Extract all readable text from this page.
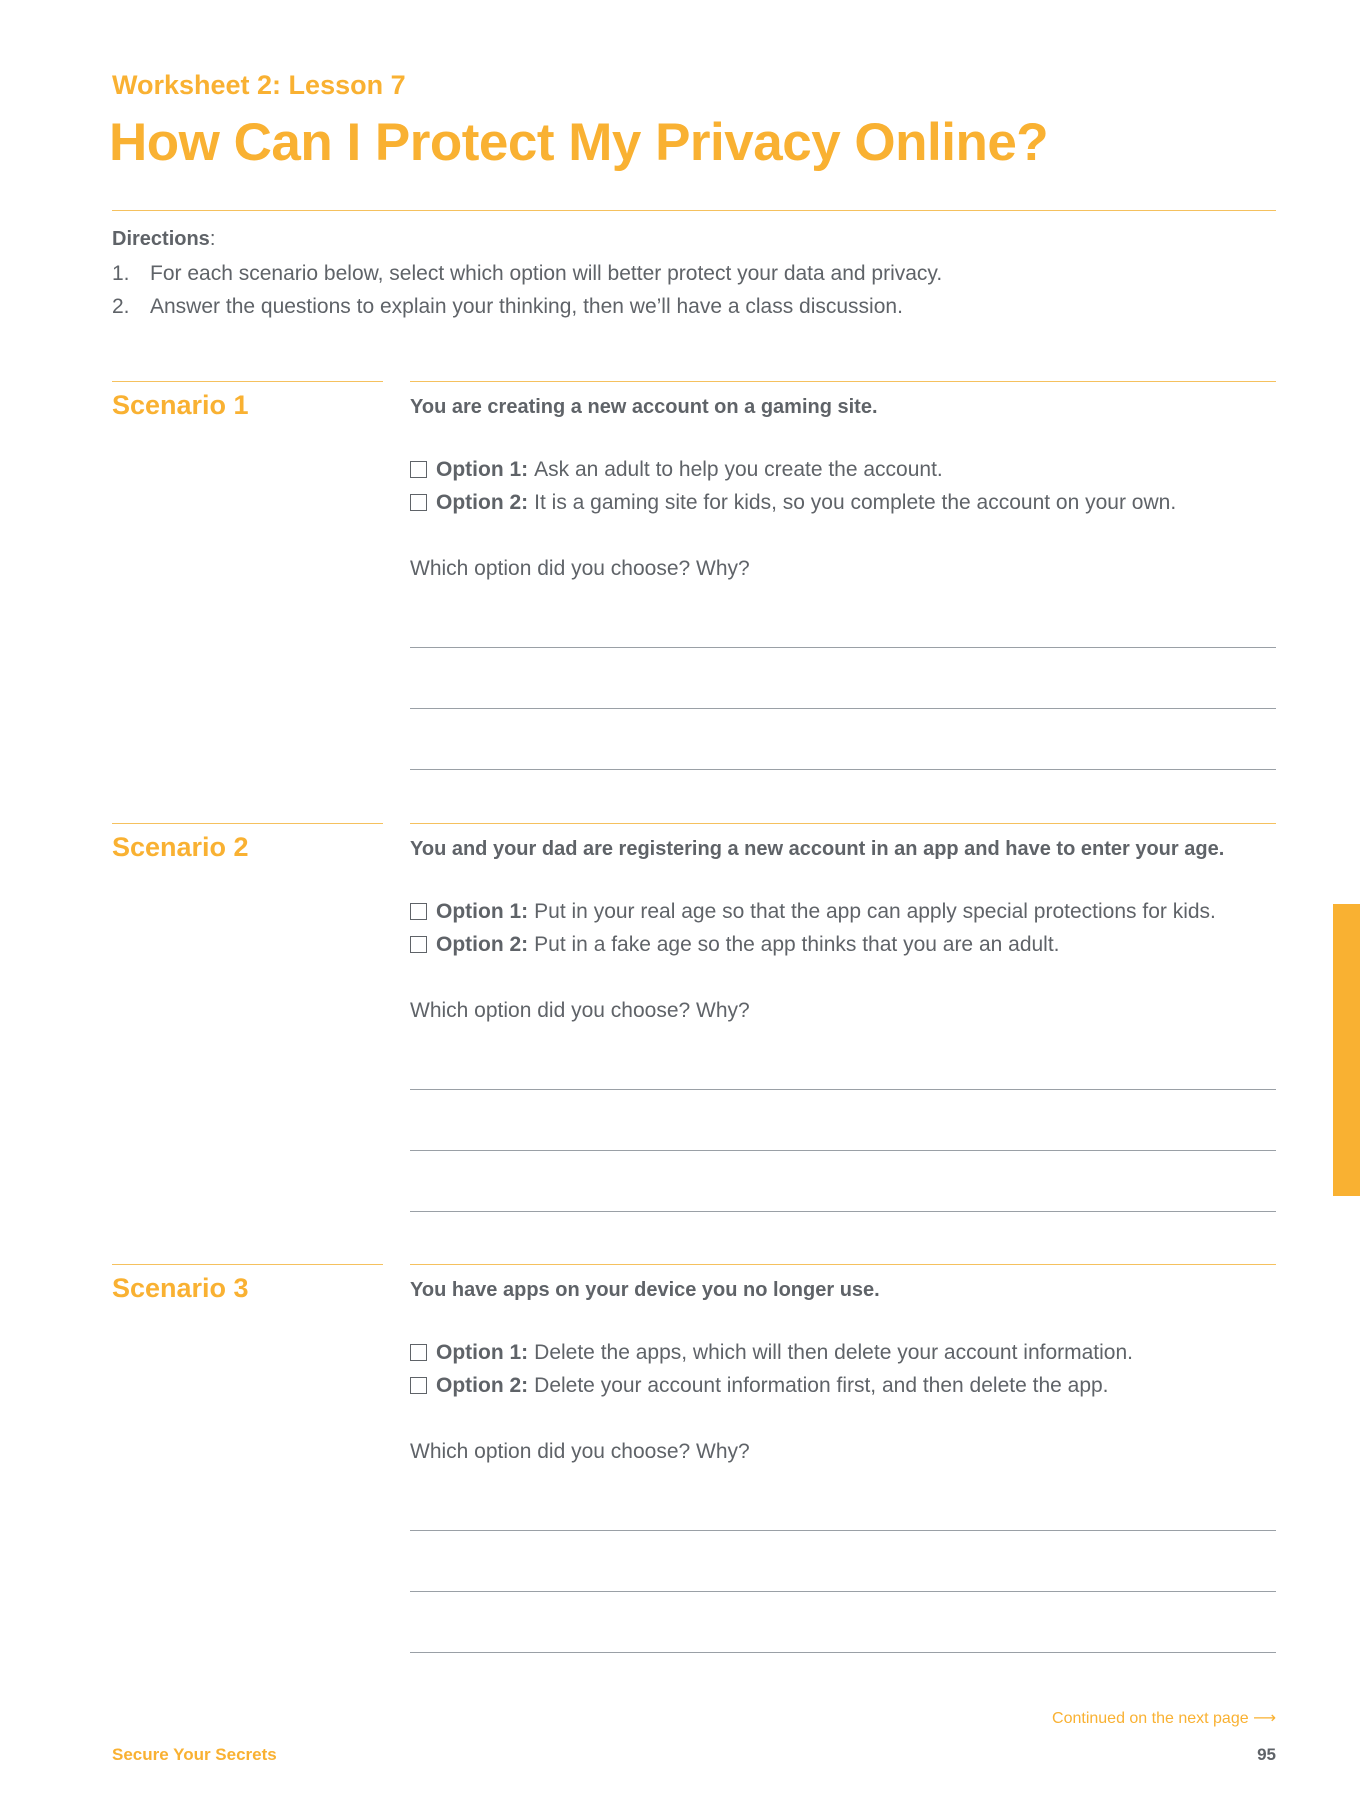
Worksheet 2: Lesson 7
How Can I Protect My Privacy Online?
Directions:
1. For each scenario below, select which option will better protect your data and privacy.
2. Answer the questions to explain your thinking, then we’ll have a class discussion.
Scenario 1	You are creating a new account on a gaming site.

Option 1: Ask an adult to help you create the account.
Option 2: It is a gaming site for kids, so you complete the account on your own.
Which option did you choose? Why?
Scenario 2	You and your dad are registering a new account in an app and have to enter your age.

Option 1: Put in your real age so that the app can apply special protections for kids.
Option 2: Put in a fake age so the app thinks that you are an adult.
Which option did you choose? Why?
Scenario 3	You have apps on your device you no longer use.

Option 1: Delete the apps, which will then delete your account information.
Option 2: Delete your account information first, and then delete the app.
Which option did you choose? Why?
Continued on the next page ⟶
Secure Your Secrets	95
